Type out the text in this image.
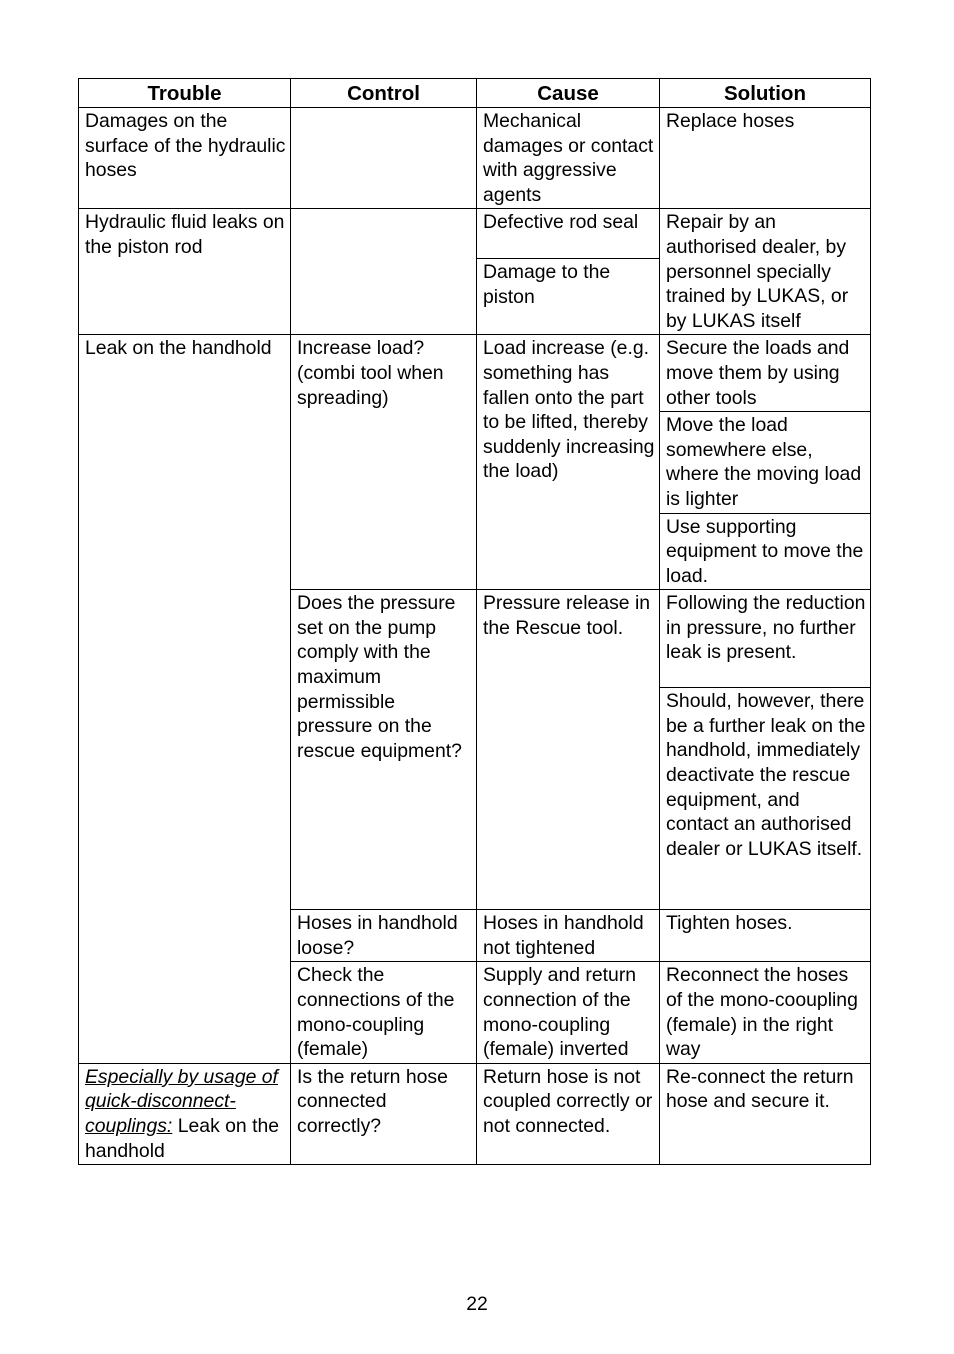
Trouble	Control	Cause	Solution
Damages on the surface of the hydraulic hoses		Mechanical damages or contact with aggressive agents	Replace hoses
Hydraulic fluid leaks on the piston rod		Defective rod seal	Repair by an authorised dealer, by personnel specially trained by LUKAS, or by LUKAS itself
		Damage to the piston	
Leak on the handhold	Increase load? (combi tool when spreading)	Load increase (e.g. something has fallen onto the part to be lifted, thereby suddenly increasing the load)	Secure the loads and move them by using other tools
			Move the load somewhere else, where the moving load is lighter
			Use supporting equipment to move the load.
	Does the pressure set on the pump comply with the maximum permissible pressure on the rescue equipment?	Pressure release in the Rescue tool.	Following the reduction in pressure, no further leak is present.
			Should, however, there be a further leak on the handhold, immediately deactivate the rescue equipment, and contact an authorised dealer or LUKAS itself.
	Hoses in handhold loose?	Hoses in handhold not tightened	Tighten hoses.
	Check the connections of the mono-coupling (female)	Supply and return connection of the mono-coupling (female) inverted	Reconnect the hoses of the mono-cooupling (female) in the right way

Especially by usage of quick-disconnect-couplings: Leak on the handhold	Is the return hose connected correctly?	Return hose is not coupled correctly or not connected.	Re-connect the return hose and secure it.
22
